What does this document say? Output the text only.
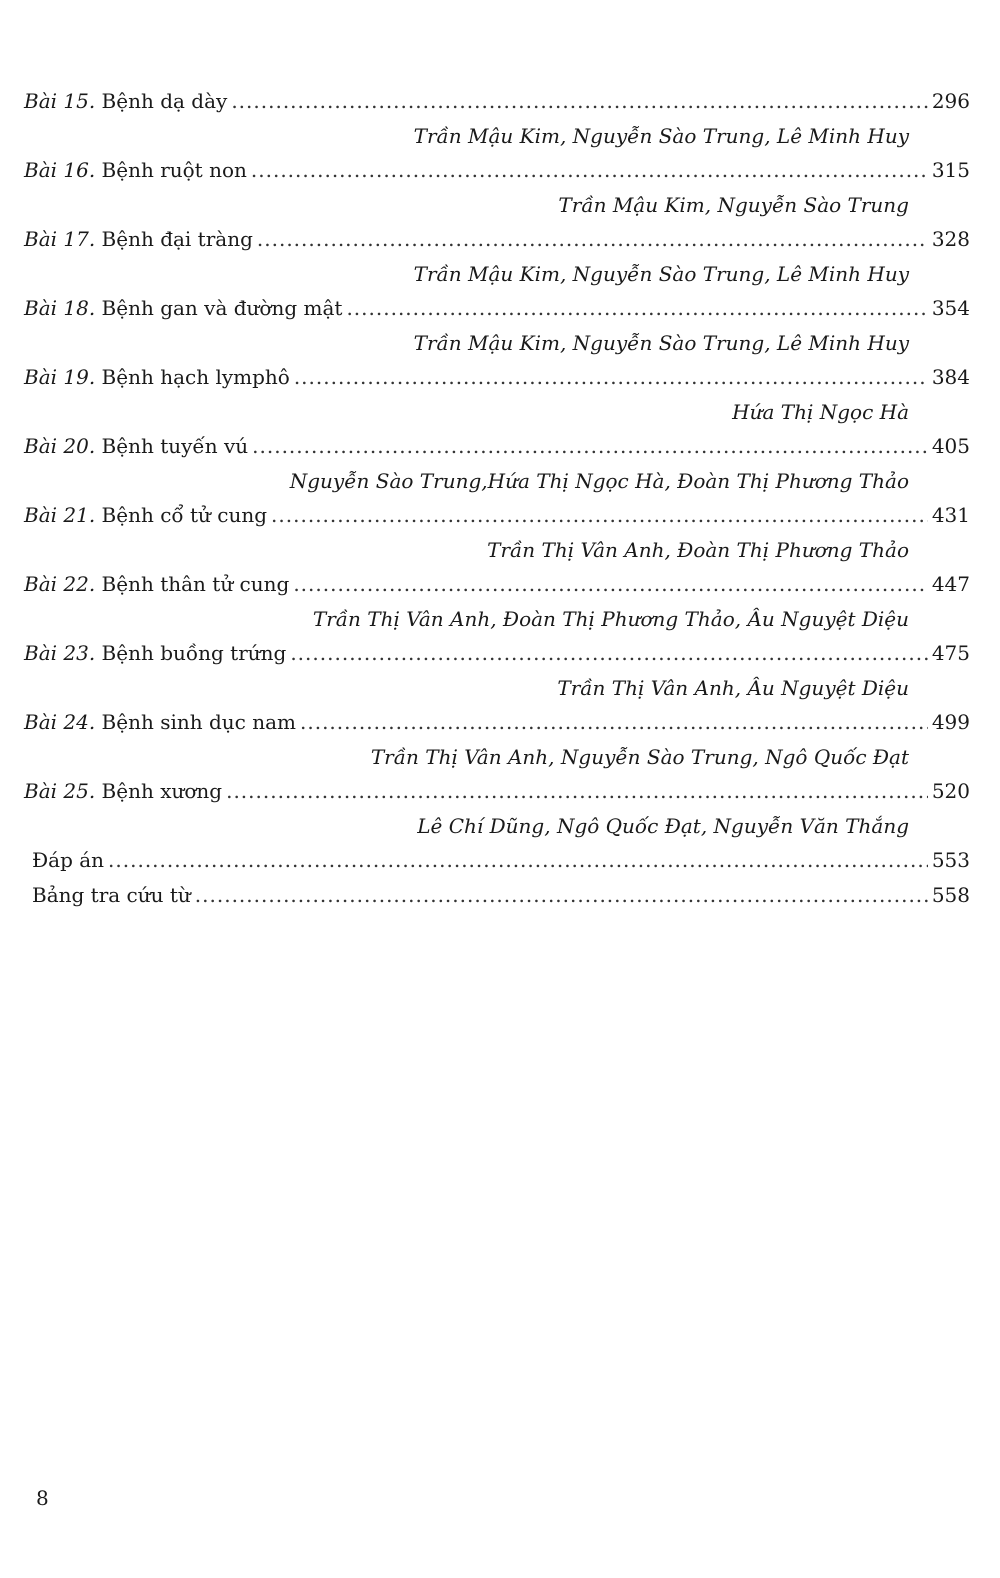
Bài 15. Bệnh dạ dày .....	296
Trần Mậu Kim, Nguyễn Sào Trung, Lê Minh Huy
Bài 16. Bệnh ruột non .....	315
Trần Mậu Kim, Nguyễn Sào Trung
Bài 17. Bệnh đại tràng .....	328
Trần Mậu Kim, Nguyễn Sào Trung, Lê Minh Huy
Bài 18. Bệnh gan và đường mật .....	354
Trần Mậu Kim, Nguyễn Sào Trung, Lê Minh Huy
Bài 19. Bệnh hạch lymphô .....	384
Hứa Thị Ngọc Hà
Bài 20. Bệnh tuyến vú .....	405
Nguyễn Sào Trung,Hứa Thị Ngọc Hà, Đoàn Thị Phương Thảo
Bài 21. Bệnh cổ tử cung .....	431
Trần Thị Vân Anh, Đoàn Thị Phương Thảo
Bài 22. Bệnh thân tử cung .....	447
Trần Thị Vân Anh, Đoàn Thị Phương Thảo, Âu Nguyệt Diệu
Bài 23. Bệnh buồng trứng .....	475
Trần Thị Vân Anh, Âu Nguyệt Diệu
Bài 24. Bệnh sinh dục nam .....	499
Trần Thị Vân Anh, Nguyễn Sào Trung, Ngô Quốc Đạt
Bài 25. Bệnh xương .....	520
Lê Chí Dũng, Ngô Quốc Đạt, Nguyễn Văn Thắng
Đáp án .....	553
Bảng tra cứu từ .....	558
8
